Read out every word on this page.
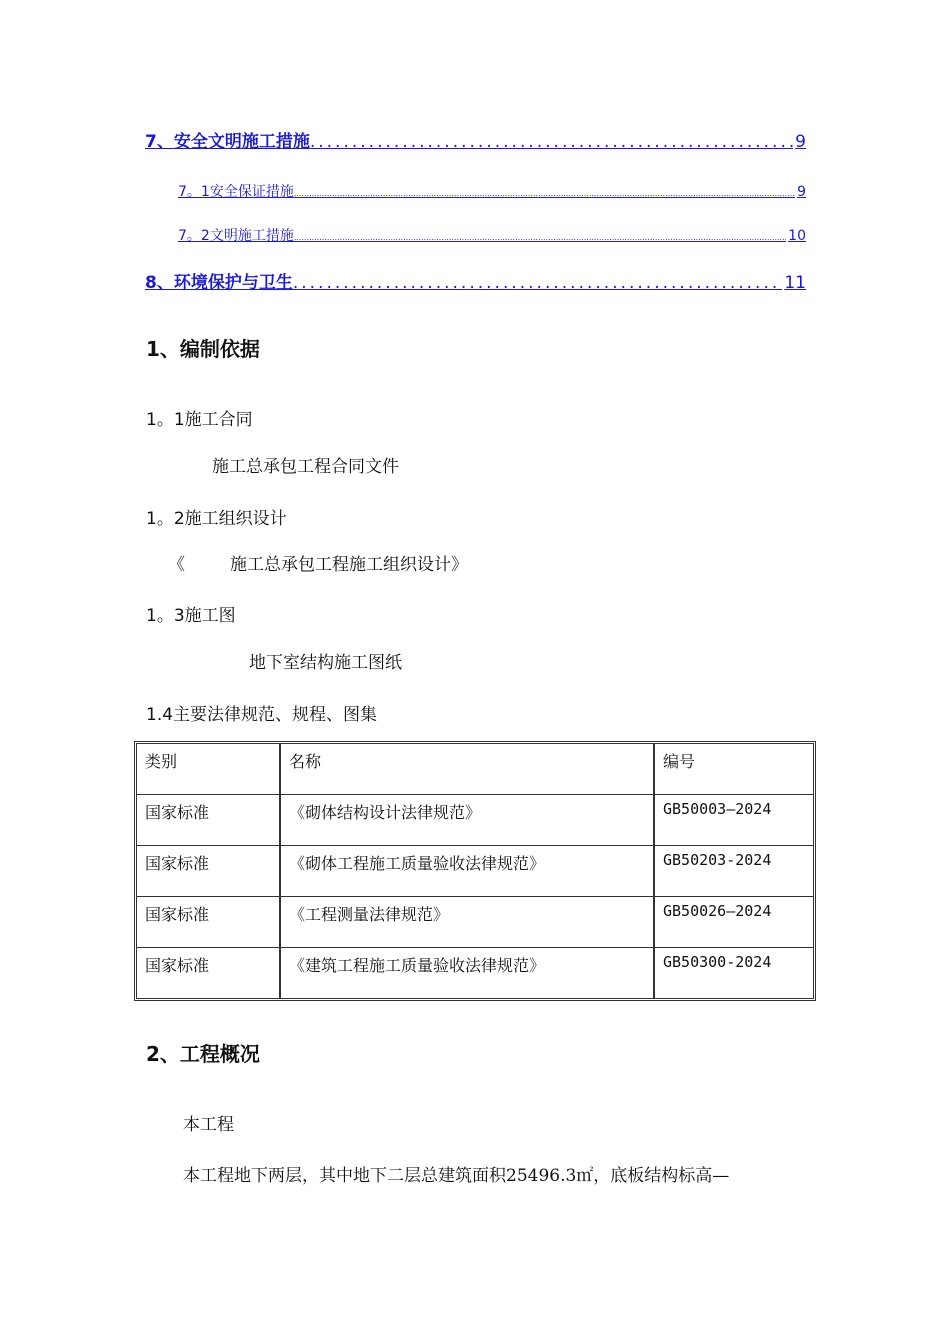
7、安全文明施工措施 .....	9
7。1安全保证措施 .....	9
7。2文明施工措施 .....	10
8、环境保护与卫生 .....	11
1、编制依据
1。1施工合同
施工总承包工程合同文件
1。2施工组织设计
《	施工总承包工程施工组织设计》
1。3施工图
地下室结构施工图纸
1.4主要法律规范、规程、图集
类别	名称	编号
国家标准	《砌体结构设计法律规范》	GB50003—2024
国家标准	《砌体工程施工质量验收法律规范》	GB50203-2024
国家标准	《工程测量法律规范》	GB50026—2024
国家标准	《建筑工程施工质量验收法律规范》	GB50300-2024
2、工程概况
本工程
本工程地下两层，其中地下二层总建筑面积25496.3㎡，底板结构标高—
